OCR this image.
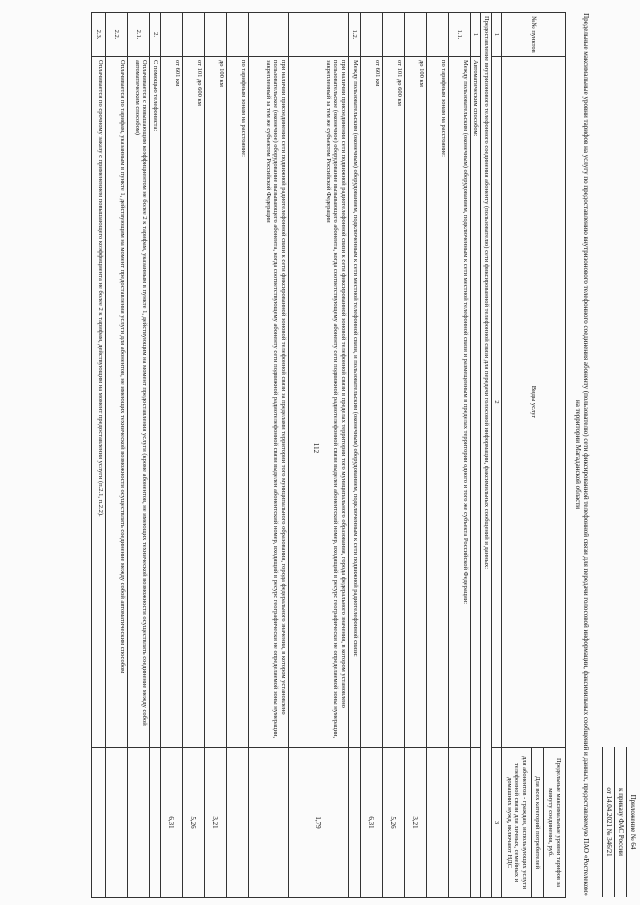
112
Приложение № 64
к приказу ФАС России
от 14.04.2021 № 346/21
Предельные максимальные уровни тарифов на услугу по предоставлению внутризонового телефонного соединения абоненту (пользователю) сети фиксированной телефонной связи для передачи голосовой информации, факсимильных сообщений и данных, предоставляемую ПАО «Ростелеком» на территории Магаданской области
№№ пунктов	Виды услуг	Предельные максимальные уровни тарифов за минуту соединения, руб.
		Для всех категорий потребителей
		для абонентов - граждан, использующих услуги телефонной связи для личных, семейных и домашних нужд, включают НДС
1	2	3
Предоставление внутризонового телефонного соединения абоненту (пользователю) сети фиксированной телефонной связи для передачи голосовой информации, факсимильных сообщений и данных:		
1	Автоматическим способом:	
1.1.	Между пользовательским (оконечным) оборудованием, подключенным к сети местной телефонной связи и размещенным в пределах территории одного и того же субъекта Российской Федерации:	
	по тарифным зонам на расстояние:	
	до 100 км	3,21
	от 101 до 600 км	5,26
	от 601 км	6,31
1.2.	Между пользовательским (оконечным) оборудованием, подключенным к сети местной телефонной связи, и пользовательским (оконечным) оборудованием, подключенным к сети подвижной радиотелефонной связи:	
	при наличии присоединения сети подвижной радиотелефонной связи к сети фиксированной зоновой телефонной связи в пределах территории того муниципального образования, города федерального значения, в котором установлено пользовательское (оконечное) оборудование вызывающего абонента, когда соответствующему абоненту сети подвижной радиотелефонной связи выделен абонентский номер, входящий в ресурс географически не определяемой зоны нумерации, закрепленный за тем же субъектом Российской Федерации	1,79
	при наличии присоединения сети подвижной радиотелефонной связи к сети фиксированной зоновой телефонной связи за пределами территории того муниципального образования, города федерального значения, в котором установлено пользовательское (оконечное) оборудование вызывающего абонента, когда соответствующему абоненту сети подвижной радиотелефонной связи выделен абонентский номер, входящий в ресурс географически не определяемой зоны нумерации, закрепленный за тем же субъектом Российской Федерации	
	по тарифным зонам на расстояние:	
	до 100 км	3,21
	от 101 до 600 км	5,26
	от 601 км	6,31
2.	С помощью телефониста:	
2.1.	Оплачивается с повышающим коэффициентом не более 2 к тарифам, указанным в пункте 1, действующим на момент предоставления услуги (кроме абонентов, не имеющих технической возможности осуществлять соединение между собой автоматическим способом)	
2.2.	Оплачивается по тарифам, указанным в пункте 1, действующим на момент предоставления услуги для абонентов, не имеющих технической возможности осуществлять соединение между собой автоматическим способом	
2.3.	Оплачивается по срочному заказу с применением повышающего коэффициента не более 2 к тарифам, действующим на момент предоставления услуги (п.2.1, п.2.2).	
